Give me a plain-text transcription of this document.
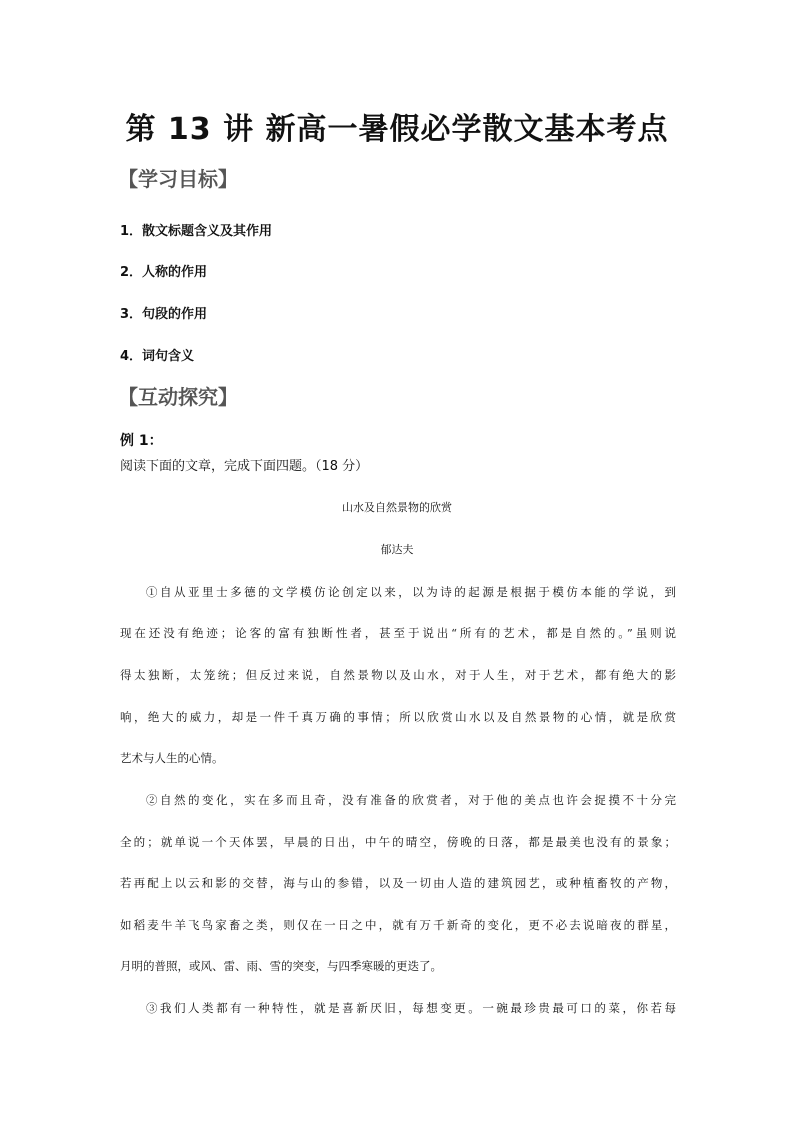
第 13 讲 新高一暑假必学散文基本考点
【学习目标】
1．散文标题含义及其作用
2．人称的作用
3．句段的作用
4．词句含义
【互动探究】
例 1：
阅读下面的文章，完成下面四题。（18 分）
山水及自然景物的欣赏
郁达夫
①自从亚里士多德的文学模仿论创定以来，以为诗的起源是根据于模仿本能的学说，到
现在还没有绝迹；论客的富有独断性者，甚至于说出“所有的艺术，都是自然的。”虽则说
得太独断，太笼统；但反过来说，自然景物以及山水，对于人生，对于艺术，都有绝大的影
响，绝大的威力，却是一件千真万确的事情；所以欣赏山水以及自然景物的心情，就是欣赏
艺术与人生的心情。
②自然的变化，实在多而且奇，没有准备的欣赏者，对于他的美点也许会捉摸不十分完
全的；就单说一个天体罢，早晨的日出，中午的晴空，傍晚的日落，都是最美也没有的景象；
若再配上以云和影的交替，海与山的参错，以及一切由人造的建筑园艺，或种植畜牧的产物，
如稻麦牛羊飞鸟家畜之类，则仅在一日之中，就有万千新奇的变化，更不必去说暗夜的群星，
月明的普照，或风、雷、雨、雪的突变，与四季寒暖的更迭了。
③我们人类都有一种特性，就是喜新厌旧，每想变更。一碗最珍贵最可口的菜，你若每
